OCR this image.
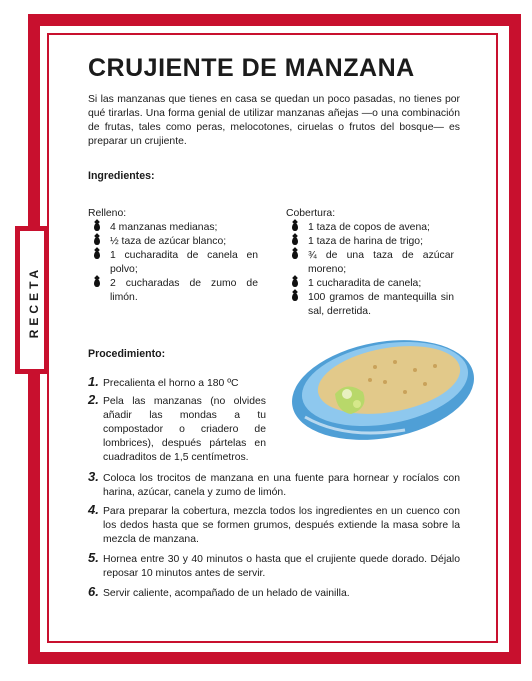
RECETA
CRUJIENTE DE MANZANA
Si las manzanas que tienes en casa se quedan un poco pasadas, no tienes por qué tirarlas. Una forma genial de utilizar manzanas añejas —o una combinación de frutas, tales como peras, melocotones, ciruelas o frutos del bosque— es preparar un crujiente.
Ingredientes:
Relleno:
4 manzanas medianas;
½ taza de azúcar blanco;
1 cucharadita de canela en polvo;
2 cucharadas de zumo de limón.
Cobertura:
1 taza de copos de avena;
1 taza de harina de trigo;
¾ de una taza de azúcar moreno;
1 cucharadita de canela;
100 gramos de mantequilla sin sal, derretida.
Procedimiento:
1. Precalienta el horno a 180 ºC
2. Pela las manzanas (no olvides añadir las mondas a tu compostador o criadero de lombrices), después pártelas en cuadraditos de 1,5 centímetros.
3. Coloca los trocitos de manzana en una fuente para hornear y rocíalos con harina, azúcar, canela y zumo de limón.
4. Para preparar la cobertura, mezcla todos los ingredientes en un cuenco con los dedos hasta que se formen grumos, después extiende la masa sobre la mezcla de manzana.
5. Hornea entre 30 y 40 minutos o hasta que el crujiente quede dorado. Déjalo reposar 10 minutos antes de servir.
6. Servir caliente, acompañado de un helado de vainilla.
